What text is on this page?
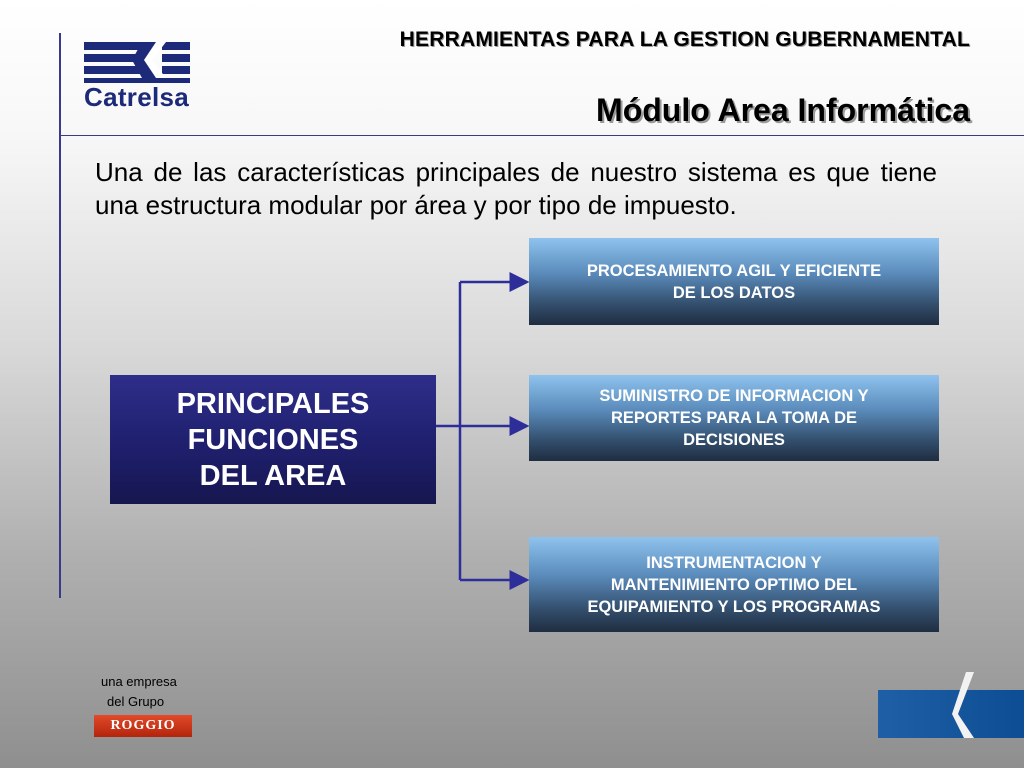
Catrelsa
HERRAMIENTAS PARA LA GESTION GUBERNAMENTAL
Módulo Area Informática
Una de las características principales de nuestro sistema es que tiene una estructura modular por área y por tipo de impuesto.
PRINCIPALES
FUNCIONES
DEL AREA
PROCESAMIENTO AGIL Y EFICIENTE
DE LOS DATOS
SUMINISTRO DE INFORMACION Y
REPORTES PARA LA TOMA DE
DECISIONES
INSTRUMENTACION Y
MANTENIMIENTO OPTIMO DEL
EQUIPAMIENTO Y LOS PROGRAMAS
una empresa
del Grupo
ROGGIO
